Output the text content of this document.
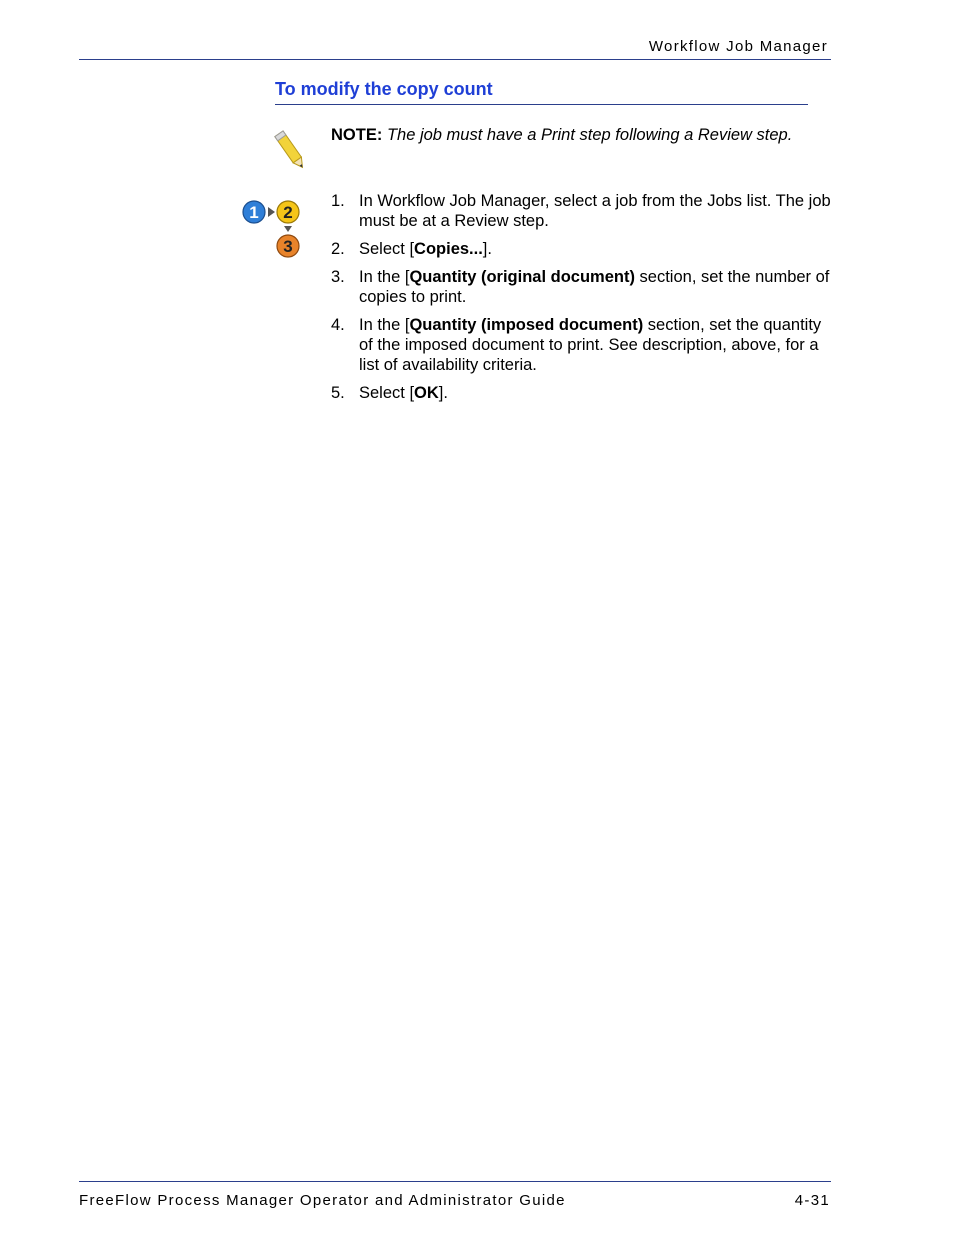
Workflow Job Manager
To modify the copy count
NOTE: The job must have a Print step following a Review step.
1 2
3
1. In Workflow Job Manager, select a job from the Jobs list. The job must be at a Review step.
2. Select [Copies...].
3. In the [Quantity (original document) section, set the number of copies to print.
4. In the [Quantity (imposed document) section, set the quantity of the imposed document to print. See description, above, for a list of availability criteria.
5. Select [OK].
FreeFlow Process Manager Operator and Administrator Guide	4-31
